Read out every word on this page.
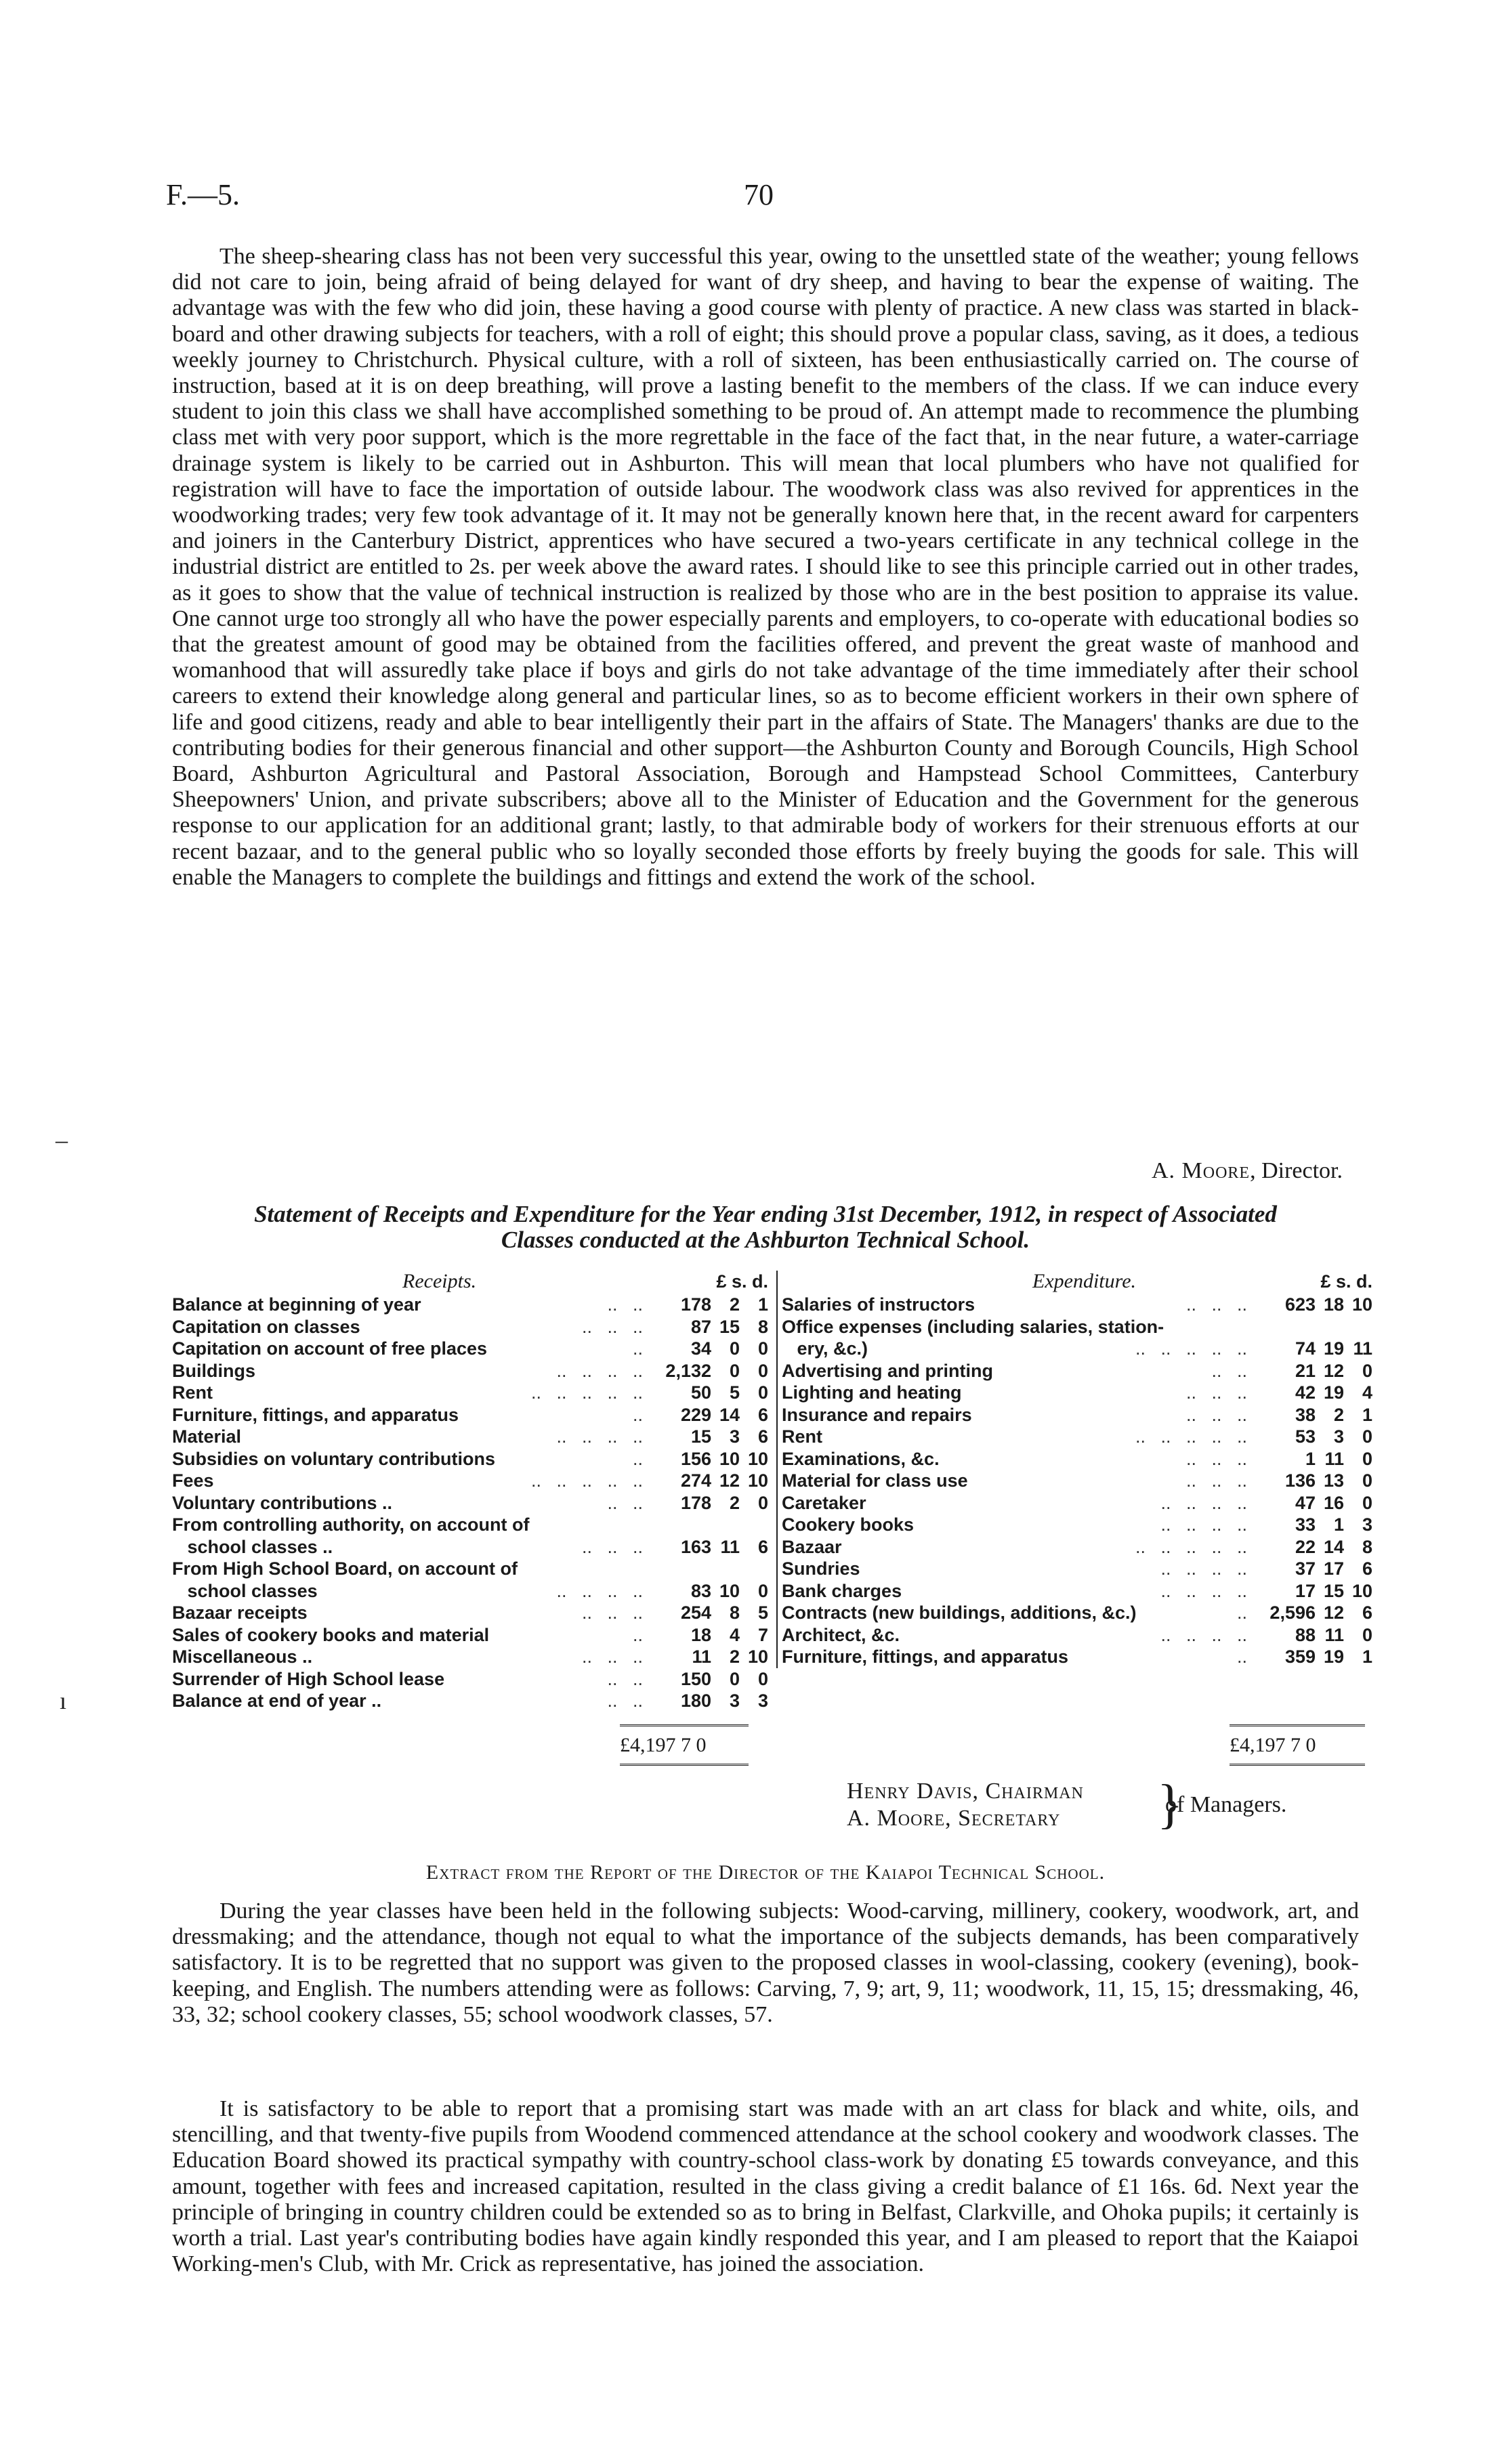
F.—5.	70

The sheep-shearing class has not been very successful this year, owing to the unsettled state of the weather; young fellows did not care to join, being afraid of being delayed for want of dry sheep, and having to bear the expense of waiting. The advantage was with the few who did join, these having a good course with plenty of practice. A new class was started in black-board and other drawing subjects for teachers, with a roll of eight; this should prove a popular class, saving, as it does, a tedious weekly journey to Christchurch. Physical culture, with a roll of sixteen, has been enthusiastically carried on. The course of instruction, based at it is on deep breathing, will prove a lasting benefit to the members of the class. If we can induce every student to join this class we shall have accomplished something to be proud of. An attempt made to recommence the plumbing class met with very poor support, which is the more regrettable in the face of the fact that, in the near future, a water-carriage drainage system is likely to be carried out in Ashburton. This will mean that local plumbers who have not qualified for registration will have to face the importation of outside labour. The woodwork class was also revived for apprentices in the woodworking trades; very few took advantage of it. It may not be generally known here that, in the recent award for carpenters and joiners in the Canterbury District, apprentices who have secured a two-years certificate in any technical college in the industrial district are entitled to 2s. per week above the award rates. I should like to see this principle carried out in other trades, as it goes to show that the value of technical instruction is realized by those who are in the best position to appraise its value. One cannot urge too strongly all who have the power especially parents and employers, to co-operate with educational bodies so that the greatest amount of good may be obtained from the facilities offered, and prevent the great waste of manhood and womanhood that will assuredly take place if boys and girls do not take advantage of the time immediately after their school careers to extend their knowledge along general and particular lines, so as to become efficient workers in their own sphere of life and good citizens, ready and able to bear intelligently their part in the affairs of State. The Managers' thanks are due to the contributing bodies for their generous financial and other support—the Ashburton County and Borough Councils, High School Board, Ashburton Agricultural and Pastoral Association, Borough and Hampstead School Committees, Canterbury Sheepowners' Union, and private subscribers; above all to the Minister of Education and the Government for the generous response to our application for an additional grant; lastly, to that admirable body of workers for their strenuous efforts at our recent bazaar, and to the general public who so loyally seconded those efforts by freely buying the goods for sale. This will enable the Managers to complete the buildings and fittings and extend the work of the school.

–
A. Moore, Director.
Statement of Receipts and Expenditure for the Year ending 31st December, 1912, in respect of Associated
Classes conducted at the Ashburton Technical School.
Receipts.	£ s. d.
Balance at beginning of year	..   ..	178 2 1
Capitation on classes	..   ..   ..	87 15 8
Capitation on account of free places	..	34 0 0
Buildings	..   ..   ..   ..	2,132 0 0
Rent	..   ..   ..   ..   ..	50 5 0
Furniture, fittings, and apparatus	..	229 14 6
Material	..   ..   ..   ..	15 3 6
Subsidies on voluntary contributions	..	156 10 10
Fees	..   ..   ..   ..   ..	274 12 10
Voluntary contributions ..	..   ..	178 2 0
From controlling authority, on account of
school classes ..	..   ..   ..	163 11 6
From High School Board, on account of
school classes	..   ..   ..   ..	83 10 0
Bazaar receipts	..   ..   ..	254 8 5
Sales of cookery books and material	..	18 4 7
Miscellaneous ..	..   ..   ..	11 2 10
Surrender of High School lease	..   ..	150 0 0
Balance at end of year ..	..   ..	180 3 3
Expenditure.	£ s. d.
Salaries of instructors	..   ..   ..	623 18 10
Office expenses (including salaries, station-
ery, &c.)	..   ..   ..   ..   ..	74 19 11
Advertising and printing	..   ..	21 12 0
Lighting and heating	..   ..   ..	42 19 4
Insurance and repairs	..   ..   ..	38 2 1
Rent	..   ..   ..   ..   ..	53 3 0
Examinations, &c.	..   ..   ..	1 11 0
Material for class use	..   ..   ..	136 13 0
Caretaker	..   ..   ..   ..	47 16 0
Cookery books	..   ..   ..   ..	33 1 3
Bazaar	..   ..   ..   ..   ..	22 14 8
Sundries	..   ..   ..   ..	37 17 6
Bank charges	..   ..   ..   ..	17 15 10
Contracts (new buildings, additions, &c.)	..	2,596 12 6
Architect, &c.	..   ..   ..   ..	88 11 0
Furniture, fittings, and apparatus	..	359 19 1
£4,197 7 0	£4,197 7 0
ı
Henry Davis, Chairman
A. Moore, Secretary	}
of Managers.
Extract from the Report of the Director of the Kaiapoi Technical School.

During the year classes have been held in the following subjects: Wood-carving, millinery, cookery, woodwork, art, and dressmaking; and the attendance, though not equal to what the importance of the subjects demands, has been comparatively satisfactory. It is to be regretted that no support was given to the proposed classes in wool-classing, cookery (evening), book-keeping, and English. The numbers attending were as follows: Carving, 7, 9; art, 9, 11; woodwork, 11, 15, 15; dressmaking, 46, 33, 32; school cookery classes, 55; school woodwork classes, 57.

It is satisfactory to be able to report that a promising start was made with an art class for black and white, oils, and stencilling, and that twenty-five pupils from Woodend commenced attendance at the school cookery and woodwork classes. The Education Board showed its practical sympathy with country-school class-work by donating £5 towards conveyance, and this amount, together with fees and increased capitation, resulted in the class giving a credit balance of £1 16s. 6d. Next year the principle of bringing in country children could be extended so as to bring in Belfast, Clarkville, and Ohoka pupils; it certainly is worth a trial. Last year's contributing bodies have again kindly responded this year, and I am pleased to report that the Kaiapoi Working-men's Club, with Mr. Crick as representative, has joined the association.
